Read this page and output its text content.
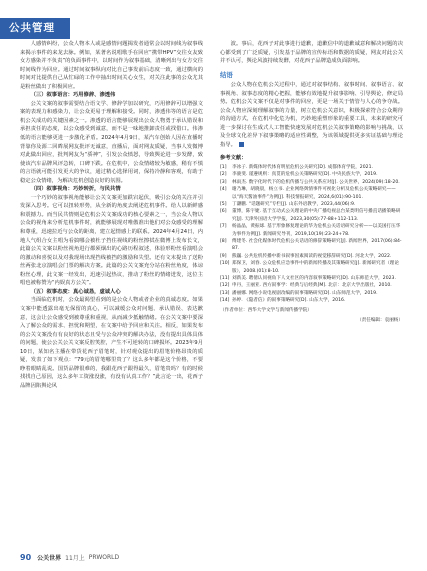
公共管理

人感情纠纷，公众人物本人或是感情问题揭发者通常会以时间线为叙事线来揭示事件的来龙去脉。例如，某著名说唱歌手在回应“携带HPV”交往女友致女方感染并不负责”的负面事件中，以时间作为叙事基础，清晰列出与女方交往时间线作为回应。通过时间叙事纵向对比自己事发前后态度一致，通过横向的时间对比提供自己从忙碌的工作中抽出时间关心女生，对关注此事的公众尤其是粉丝做出了积极回应。

（三）叙事语言：巧用修辞、渗透伟

公关文案的叙事需要结合语文学、修辞学加以研究，巧用修辞可以增强文案的表现力和感染力，让公众更易于理解和接受。同时，渗透伟等的语言是危机公关成功的关键因素之一。渗透的语言能够展现出公众人物勇于承认错误和承担责任的态度，以公众感受到诚意，而不是一味地推卸责任或找借口。伟渗低的语言能够更进一步激化矛盾。2024年4月9日，某汽车创始人因在直播时背靠你及源二回眸展网友批评无诚意，直播后，面对网友质疑，当事人发微博对此做出回应，批判网友为“骄神”，引发公众愤怒，导致舆论进一步发酵，致使该汽车品牌风评急转，口碑下跌。在危机中，公众情绪较为敏感，稍有不慎的言语就可能引发更大的争议，通过精心选择用词，保持冷静和客观，有助于稳定公众情绪，为解决危机创造良好的氛围。

（四）叙事视角：巧妙转折，与民共情

一个巧妙的叙事视角能够让公关文案更加跌宕起伏，吸引公众的关注并引发深入思考。它可以扭转形势，从全新的角度去阐述危机事件。给人以新鲜感和震撼力。而当民共情则是危机公关文案成功的核心要素之一，当公众人物以公众的视角来分析危机事件时，就能够展现对唯傲准出他们对公众感受的理解和尊重，迅速拉近与公众的距离，建立起情感上的联系。2024年4月24日，内地人气组合女主唱为看搞哪会被杜子挡住视线的粉丝擦拭在微博上发布长文，此篇公关文案以粉丝视角进行都须烟出的心路历程叙述，体验形粉丝看演唱会的激动和喜悦以及对我现场出现挡线被挡的激励和失望。还有文末提出了送粉丝两张北京演唱会门票的解决方案。此篇的公关文案充分站在粉丝角度，体谅粉丝心理，此文案一经发出，迅速引起热议，推动了粉丝的情绪迸发，这位主唱也被称赞为“内娱真方公关”。

（五）叙事态度：真心诚恳，虚诚人心

当面临危机时，公众最渴望看到的是公众人物或者企业的真诚态度。如果文案中能透露出毫无保留的真心，可以减缓公众对问题、承认错误、表达歉意，这会让公众感受到被尊重和重视，从而减少抵触情绪。在公关文案中要深入了解公众的需求、担忧和期望，在文案中给予回应和关注。相反，如果发布的公关文案没有有良好的状态且受与公众冲突的解决办法，没有提出具体具体的问题，使公公关公关文案反腔笑腔，产生不可逆转的口碑损坏。2023年9月10日，某知名主播在带货花西子眉笔时，针对观众提出的眉笔价格昂贵的质疑，发表了如下观点：“79元的眉笔哪里贵了？这么多年都是这个价格，不要睁着眼睛乱说。国货品牌很难的，我跟花西子跟得最久，眉笔贵吗？有的时候找找自己原因，这么多年工资涨没涨，有没有认真工作？”此言论一出，花西子品牌因陷舆论风

波。事后，花西子对此事进行道歉，道歉信中的道歉诚意和解决问题的决心都受到了广泛质疑，引发基于品牌的宣传标语和数据的质疑，网友对此公关并不认可，舆论风波持续发酵，对花西子品牌造成负面影响。

结语

公众人物在危机公关过程中，通过对叙事结构、叙事时间、叙事语言、叙事视角、叙事态度的精心把握，能够有效地提升叙事影响、引导舆论，修定局势。危机公关文案不仅是对事件的回应，更是一场关于情管与人心的争夺战。公众人物应深刻理解叙事的力量，树立危机公关意识，积极探索符合公众期待的沟通方式，在危机中化危为机，巧妙地重塑形象的重要工具，未来的研究可进一步探讨在生成式人工智能快速发展对危机公关叙事策略的影响与挑战，以及全球文化差异下叙事策略的适应性调整，为该领域提供更多实证基础与理论指导。

参考文献：

[1]	李冰子. 新媒体时代体育明星危机公关研究[D]. 成都体育学院，2021.
[2]	李骏斐. 谨遵规则：真贯的危机公关策略研究[D]. 中央民族大学，2019.
[3]	林雨杰. 数字化时代下的危机传播与公共关系应对[J]. 公关世界，2024(09):18-20.
[4]	谢乃琳，胡晓晨，杨立书. 企业网络舆情事件可视化分析及危机公关策略研究——以“海天酱油事件”为例[J]. 科技情报研究，2024,6(01):90-101.
[5]	丁灏鹏. “话题研究”专栏[J]. 山东外语教学，2023,44(06):9.
[6]	董博，陈宇婕. 基于互动式公关理论的中央广播电视总台某类明信号播直话播策略研究[J]. 天津外国语大学学报，2023,30(05):77-88+112-113.
[7]	杨晶晶，黄振球. 基于形象修复理论的华为危机公关话语研究分析——以美国打压华为事件为例[J]. 新闻研究导刊，2019,10(19):23-24+78.
[8]	傅建冬. 社会化媒体时代危机公关话语的修辞策略研究[J]. 新闻世界，2017(06):84-87.
[9]	熊巍. 公共危机传播中新书叙事因素阅读的视觉移辞研究[D]. 河北大学，2022.
[10] 郑保卫，刘春. 公众危机应急事件中的新闻传播及其策略研究[J]. 新闻研究者（理论版），2008.(01):8-10.
[11] 刘新美. 聘倩认同视角下人文社区的内容叙事策略研究[D]. 山东师范大学，2023.
[12] 申丹，王丽亚. 西方叙事学：经典与后经典[M]. 北京：北京大学出版社，2010.
[13] 潘丽娜. 网络小说电视剧改编的叙事策略研究[D]. 山东师范大学，2019.
[14] 孙婷. 《隐者信》的叙事策略研究[D]. 山东大学，2016.

（作者单位：西华大学文学与新闻传播学院）

（责任编辑：袁丽杨）

90 公关世界 11月上 PRWORLD
